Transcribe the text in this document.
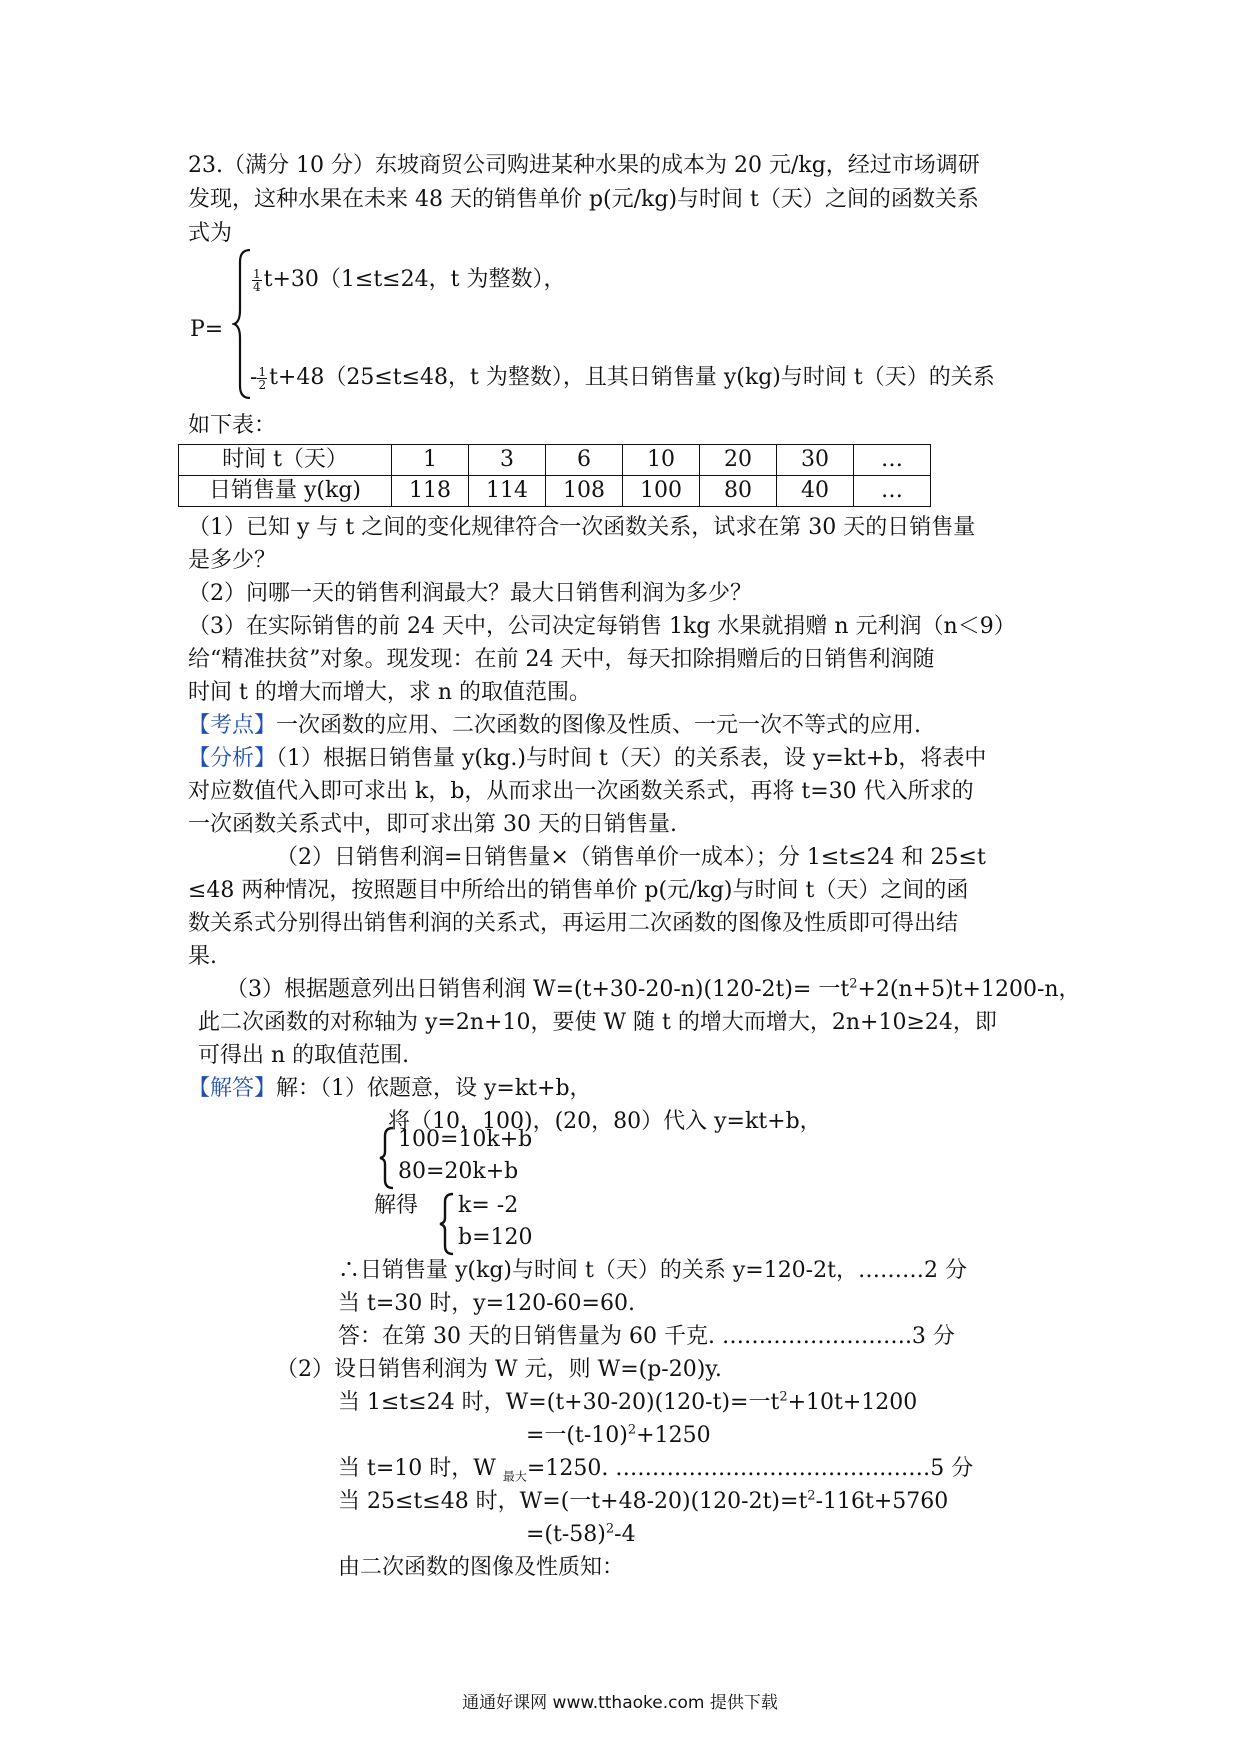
23.（满分 10 分）东坡商贸公司购进某种水果的成本为 20 元/kg，经过市场调研
发现，这种水果在未来 48 天的销售单价 p(元/kg)与时间 t（天）之间的函数关系
式为
P=
$\frac{1}{4} t+30(1\le t\le 24$，t 为整数），
- $\frac{1}{2} t+48(25\le t\le 48$，t 为整数），且其日销售量 y(kg)与时间 t（天）的关系
如下表：
时间 t（天）	1	3	6	10	20	30	…
日销售量 y(kg)	118	114	108	100	80	40	…
（1）已知 y 与 t 之间的变化规律符合一次函数关系，试求在第 30 天的日销售量
是多少？
（2）问哪一天的销售利润最大？最大日销售利润为多少？
（3）在实际销售的前 24 天中，公司决定每销售 1kg 水果就捐赠 n 元利润（n＜9）
给“精准扶贫”对象。现发现：在前 24 天中，每天扣除捐赠后的日销售利润随
时间 t 的增大而增大，求 n 的取值范围。
【考点】一次函数的应用、二次函数的图像及性质、一元一次不等式的应用.
【分析】（1）根据日销售量 y(kg.)与时间 t（天）的关系表，设 y=kt+b，将表中
对应数值代入即可求出 k，b，从而求出一次函数关系式，再将 t=30 代入所求的
一次函数关系式中，即可求出第 30 天的日销售量.
（2）日销售利润=日销售量×（销售单价一成本）；分 1≤t≤24 和 25≤t
≤48 两种情况，按照题目中所给出的销售单价 p(元/kg)与时间 t（天）之间的函
数关系式分别得出销售利润的关系式，再运用二次函数的图像及性质即可得出结
果.
（3）根据题意列出日销售利润 W=(t+30-20-n)(120-2t)= 一$t^2+2(n+5)t+1200-n$，
此二次函数的对称轴为 y=2n+10，要使 W 随 t 的增大而增大，2n+10≥24，即
可得出 n 的取值范围.
【解答】解：（1）依题意，设 y=kt+b，
将（10，100)，(20，80）代入 y=kt+b，
100=10k+b
80=20k+b
解得 k= -2
b=120
∴日销售量 y(kg)与时间 t（天）的关系 y=120-2t，………2 分
当 t=30 时，y=120-60=60.
答：在第 30 天的日销售量为 60 千克. …………….……….3 分
（2）设日销售利润为 W 元，则 W=(p-20)y.
当 1≤t≤24 时，W=(t+30-20)(120-t)=一$t^2+10t+1200$
=一$(t-10)^2+1250$
当 t=10 时，W $_{最大}$=1250. ……………………………….……5 分
当 25≤t≤48 时，W=(一$t+48-20)(120-2t)=t^2-116t+5760$
$=(t-58)^2-4$
由二次函数的图像及性质知：
通通好课网 www.tthaoke.com 提供下载
